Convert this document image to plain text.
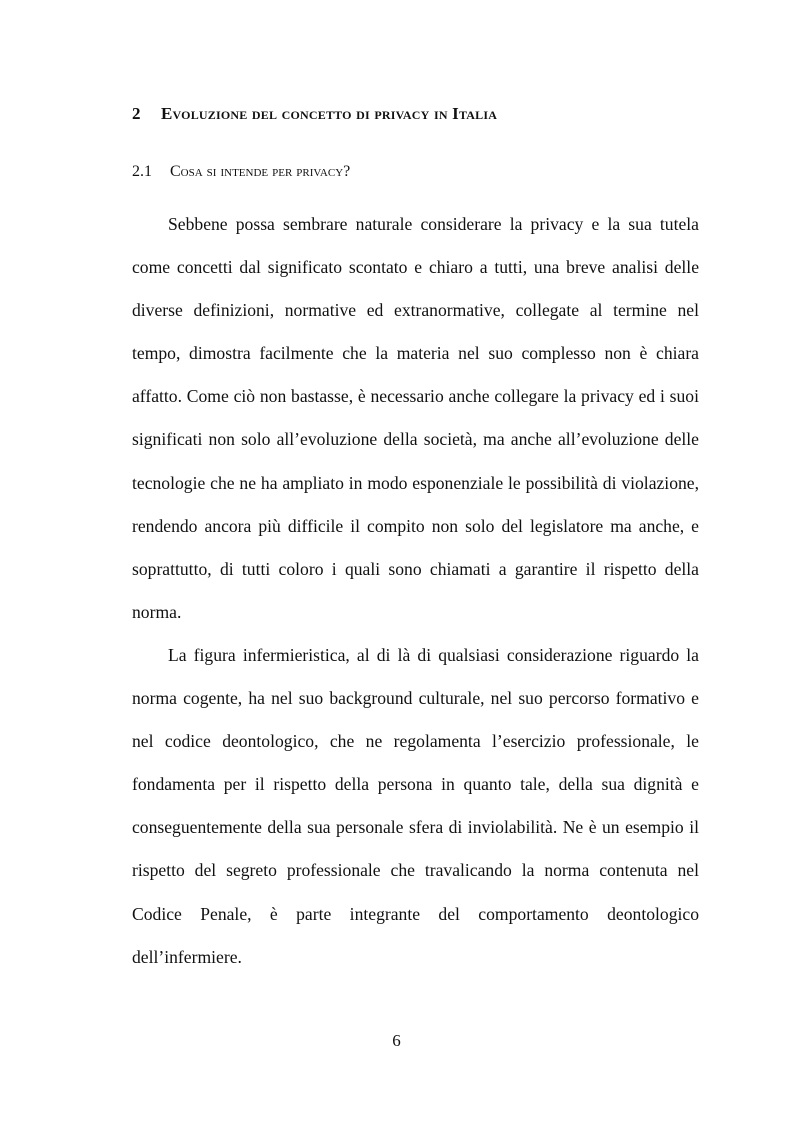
2 Evoluzione del concetto di privacy in Italia
2.1 Cosa si intende per privacy?

Sebbene possa sembrare naturale considerare la privacy e la sua tutela come concetti dal significato scontato e chiaro a tutti, una breve analisi delle diverse definizioni, normative ed extranormative, collegate al termine nel tempo, dimostra facilmente che la materia nel suo complesso non è chiara affatto. Come ciò non bastasse, è necessario anche collegare la privacy ed i suoi significati non solo all’evoluzione della società, ma anche all’evoluzione delle tecnologie che ne ha ampliato in modo esponenziale le possibilità di violazione, rendendo ancora più difficile il compito non solo del legislatore ma anche, e soprattutto, di tutti coloro i quali sono chiamati a garantire il rispetto della norma.

La figura infermieristica, al di là di qualsiasi considerazione riguardo la norma cogente, ha nel suo background culturale, nel suo percorso formativo e nel codice deontologico, che ne regolamenta l’esercizio professionale, le fondamenta per il rispetto della persona in quanto tale, della sua dignità e conseguentemente della sua personale sfera di inviolabilità. Ne è un esempio il rispetto del segreto professionale che travalicando la norma contenuta nel Codice Penale, è parte integrante del comportamento deontologico dell’infermiere.

6
